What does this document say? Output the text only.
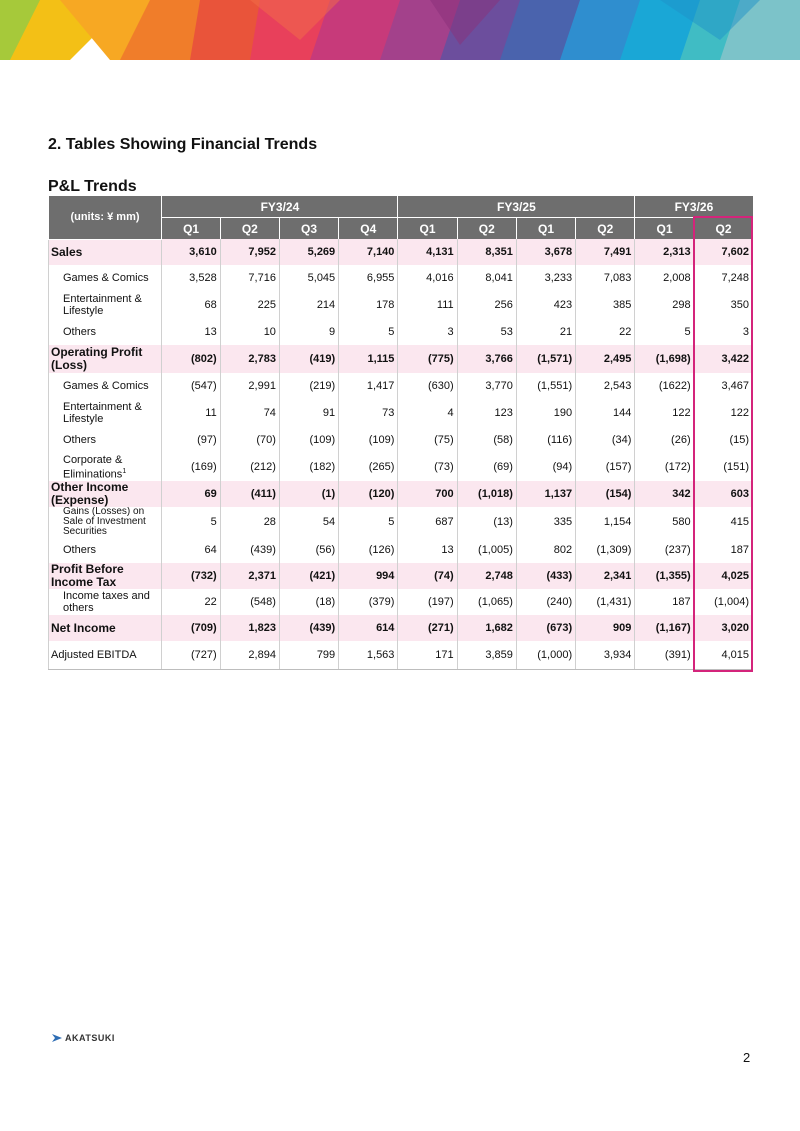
2. Tables Showing Financial Trends
P&L Trends
(units: ¥ mm)	FY3/24				FY3/25				FY3/26	
	Q1	Q2	Q3	Q4	Q1	Q2	Q1	Q2	Q1	Q2
Sales	3,610	7,952	5,269	7,140	4,131	8,351	3,678	7,491	2,313	7,602
Games & Comics	3,528	7,716	5,045	6,955	4,016	8,041	3,233	7,083	2,008	7,248
Entertainment & Lifestyle	68	225	214	178	111	256	423	385	298	350
Others	13	10	9	5	3	53	21	22	5	3
Operating Profit (Loss)	(802)	2,783	(419)	1,115	(775)	3,766	(1,571)	2,495	(1,698)	3,422
Games & Comics	(547)	2,991	(219)	1,417	(630)	3,770	(1,551)	2,543	(1622)	3,467
Entertainment & Lifestyle	11	74	91	73	4	123	190	144	122	122
Others	(97)	(70)	(109)	(109)	(75)	(58)	(116)	(34)	(26)	(15)
Corporate & Eliminations$^1$	(169)	(212)	(182)	(265)	(73)	(69)	(94)	(157)	(172)	(151)
Other Income (Expense)	69	(411)	(1)	(120)	700	(1,018)	1,137	(154)	342	603
Gains (Losses) on Sale of Investment Securities	5	28	54	5	687	(13)	335	1,154	580	415
Others	64	(439)	(56)	(126)	13	(1,005)	802	(1,309)	(237)	187
Profit Before Income Tax	(732)	2,371	(421)	994	(74)	2,748	(433)	2,341	(1,355)	4,025
Income taxes and others	22	(548)	(18)	(379)	(197)	(1,065)	(240)	(1,431)	187	(1,004)
Net Income	(709)	1,823	(439)	614	(271)	1,682	(673)	909	(1,167)	3,020
Adjusted EBITDA	(727)	2,894	799	1,563	171	3,859	(1,000)	3,934	(391)	4,015
AKATSUKI
2
